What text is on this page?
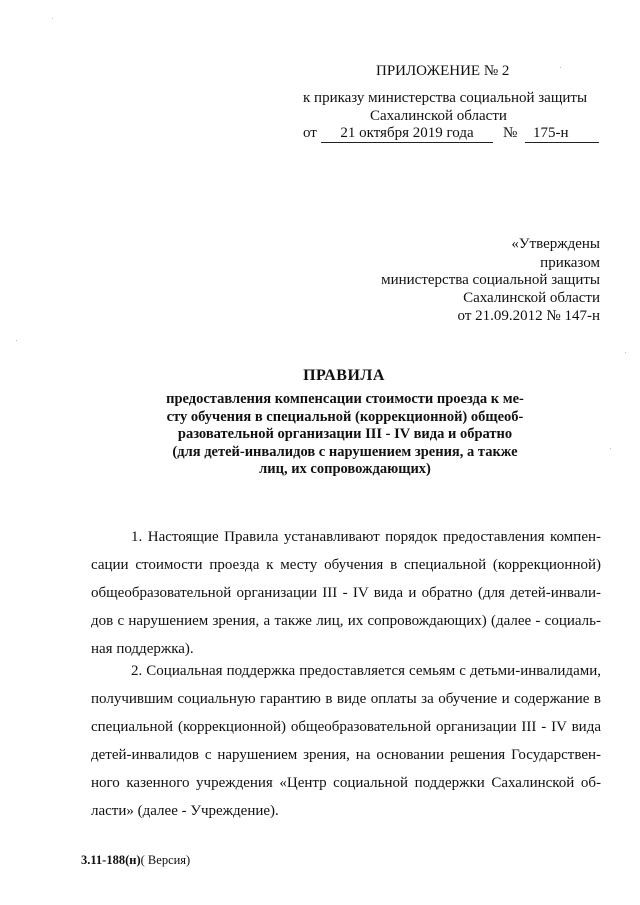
ПРИЛОЖЕНИЕ № 2
к приказу министерства социальной защиты
Сахалинской области
от	21 октября 2019 года	№	175-н
«Утверждены
приказом
министерства социальной защиты
Сахалинской области
от 21.09.2012 № 147-н
ПРАВИЛА
предоставления компенсации стоимости проезда к ме-
сту обучения в специальной (коррекционной) общеоб-
разовательной организации III - IV вида и обратно
(для детей-инвалидов с нарушением зрения, а также
лиц, их сопровождающих)
1. Настоящие Правила устанавливают порядок предоставления компен-
сации стоимости проезда к месту обучения в специальной (коррекционной)
общеобразовательной организации III - IV вида и обратно (для детей-инвали-
дов с нарушением зрения, а также лиц, их сопровождающих) (далее - социаль-
ная поддержка).
2. Социальная поддержка предоставляется семьям с детьми-инвалидами,
получившим социальную гарантию в виде оплаты за обучение и содержание в
специальной (коррекционной) общеобразовательной организации III - IV вида
детей-инвалидов с нарушением зрения, на основании решения Государствен-
ного казенного учреждения «Центр социальной поддержки Сахалинской об-
ласти» (далее - Учреждение).
3.11-188(н)( Версия)
